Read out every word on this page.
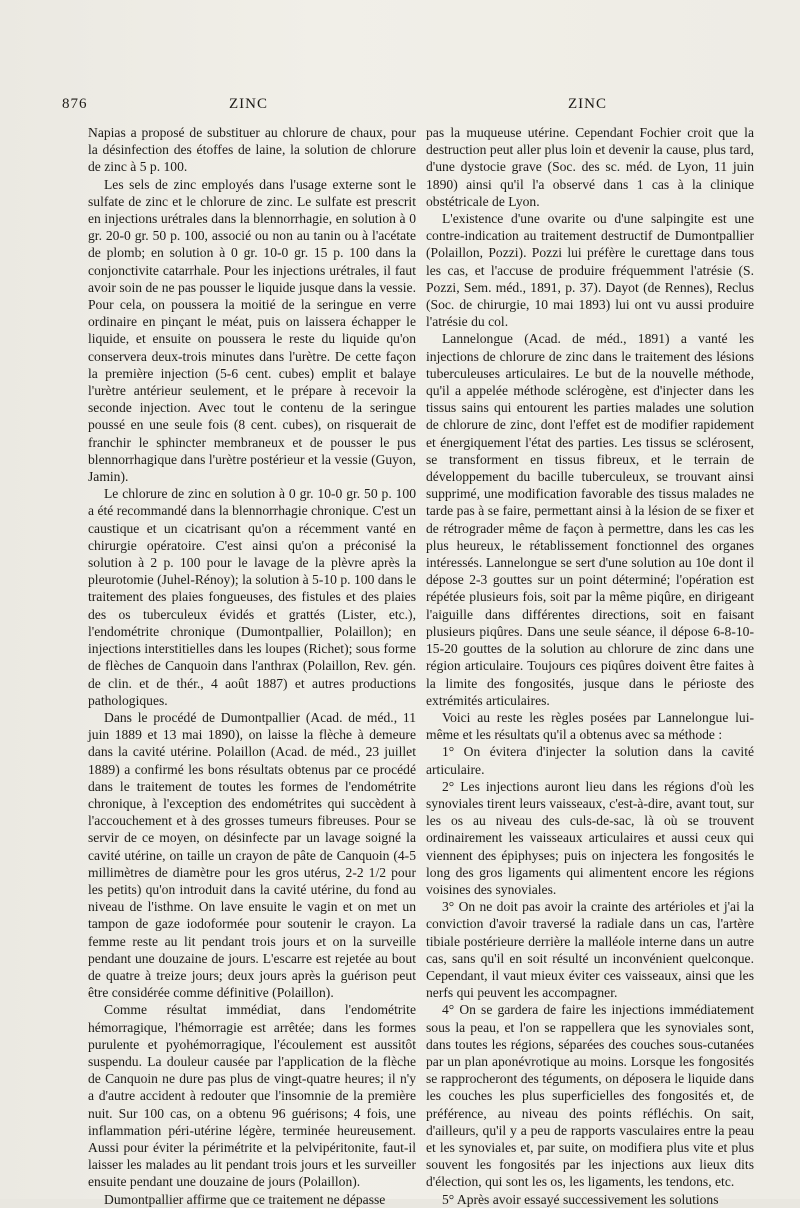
876	ZINC	ZINC

Napias a proposé de substituer au chlorure de chaux, pour la désinfection des étoffes de laine, la solution de chlorure de zinc à 5 p. 100.

Les sels de zinc employés dans l'usage externe sont le sulfate de zinc et le chlorure de zinc. Le sulfate est prescrit en injections urétrales dans la blennorrhagie, en solution à 0 gr. 20-0 gr. 50 p. 100, associé ou non au tanin ou à l'acétate de plomb; en solution à 0 gr. 10-0 gr. 15 p. 100 dans la conjonctivite catarrhale. Pour les injections urétrales, il faut avoir soin de ne pas pousser le liquide jusque dans la vessie. Pour cela, on poussera la moitié de la seringue en verre ordinaire en pinçant le méat, puis on laissera échapper le liquide, et ensuite on poussera le reste du liquide qu'on conservera deux-trois minutes dans l'urètre. De cette façon la première injection (5-6 cent. cubes) emplit et balaye l'urètre antérieur seulement, et le prépare à recevoir la seconde injection. Avec tout le contenu de la seringue poussé en une seule fois (8 cent. cubes), on risquerait de franchir le sphincter membraneux et de pousser le pus blennorrhagique dans l'urètre postérieur et la vessie (Guyon, Jamin).

Le chlorure de zinc en solution à 0 gr. 10-0 gr. 50 p. 100 a été recommandé dans la blennorrhagie chronique. C'est un caustique et un cicatrisant qu'on a récemment vanté en chirurgie opératoire. C'est ainsi qu'on a préconisé la solution à 2 p. 100 pour le lavage de la plèvre après la pleurotomie (Juhel-Rénoy); la solution à 5-10 p. 100 dans le traitement des plaies fongueuses, des fistules et des plaies des os tuberculeux évidés et grattés (Lister, etc.), l'endométrite chronique (Dumontpallier, Polaillon); en injections interstitielles dans les loupes (Richet); sous forme de flèches de Canquoin dans l'anthrax (Polaillon, Rev. gén. de clin. et de thér., 4 août 1887) et autres productions pathologiques.

Dans le procédé de Dumontpallier (Acad. de méd., 11 juin 1889 et 13 mai 1890), on laisse la flèche à demeure dans la cavité utérine. Polaillon (Acad. de méd., 23 juillet 1889) a confirmé les bons résultats obtenus par ce procédé dans le traitement de toutes les formes de l'endométrite chronique, à l'exception des endométrites qui succèdent à l'accouchement et à des grosses tumeurs fibreuses. Pour se servir de ce moyen, on désinfecte par un lavage soigné la cavité utérine, on taille un crayon de pâte de Canquoin (4-5 millimètres de diamètre pour les gros utérus, 2-2 1/2 pour les petits) qu'on introduit dans la cavité utérine, du fond au niveau de l'isthme. On lave ensuite le vagin et on met un tampon de gaze iodoformée pour soutenir le crayon. La femme reste au lit pendant trois jours et on la surveille pendant une douzaine de jours. L'escarre est rejetée au bout de quatre à treize jours; deux jours après la guérison peut être considérée comme définitive (Polaillon).

Comme résultat immédiat, dans l'endométrite hémorragique, l'hémorragie est arrêtée; dans les formes purulente et pyohémorragique, l'écoulement est aussitôt suspendu. La douleur causée par l'application de la flèche de Canquoin ne dure pas plus de vingt-quatre heures; il n'y a d'autre accident à redouter que l'insomnie de la première nuit. Sur 100 cas, on a obtenu 96 guérisons; 4 fois, une inflammation péri-utérine légère, terminée heureusement. Aussi pour éviter la périmétrite et la pelvipéritonite, faut-il laisser les malades au lit pendant trois jours et les surveiller ensuite pendant une douzaine de jours (Polaillon).

Dumontpallier affirme que ce traitement ne dépasse

pas la muqueuse utérine. Cependant Fochier croit que la destruction peut aller plus loin et devenir la cause, plus tard, d'une dystocie grave (Soc. des sc. méd. de Lyon, 11 juin 1890) ainsi qu'il l'a observé dans 1 cas à la clinique obstétricale de Lyon.

L'existence d'une ovarite ou d'une salpingite est une contre-indication au traitement destructif de Dumontpallier (Polaillon, Pozzi). Pozzi lui préfère le curettage dans tous les cas, et l'accuse de produire fréquemment l'atrésie (S. Pozzi, Sem. méd., 1891, p. 37). Dayot (de Rennes), Reclus (Soc. de chirurgie, 10 mai 1893) lui ont vu aussi produire l'atrésie du col.

Lannelongue (Acad. de méd., 1891) a vanté les injections de chlorure de zinc dans le traitement des lésions tuberculeuses articulaires. Le but de la nouvelle méthode, qu'il a appelée méthode sclérogène, est d'injecter dans les tissus sains qui entourent les parties malades une solution de chlorure de zinc, dont l'effet est de modifier rapidement et énergiquement l'état des parties. Les tissus se sclérosent, se transforment en tissus fibreux, et le terrain de développement du bacille tuberculeux, se trouvant ainsi supprimé, une modification favorable des tissus malades ne tarde pas à se faire, permettant ainsi à la lésion de se fixer et de rétrograder même de façon à permettre, dans les cas les plus heureux, le rétablissement fonctionnel des organes intéressés. Lannelongue se sert d'une solution au 10e dont il dépose 2-3 gouttes sur un point déterminé; l'opération est répétée plusieurs fois, soit par la même piqûre, en dirigeant l'aiguille dans différentes directions, soit en faisant plusieurs piqûres. Dans une seule séance, il dépose 6-8-10-15-20 gouttes de la solution au chlorure de zinc dans une région articulaire. Toujours ces piqûres doivent être faites à la limite des fongosités, jusque dans le périoste des extrémités articulaires.

Voici au reste les règles posées par Lannelongue lui-même et les résultats qu'il a obtenus avec sa méthode :

1° On évitera d'injecter la solution dans la cavité articulaire.

2° Les injections auront lieu dans les régions d'où les synoviales tirent leurs vaisseaux, c'est-à-dire, avant tout, sur les os au niveau des culs-de-sac, là où se trouvent ordinairement les vaisseaux articulaires et aussi ceux qui viennent des épiphyses; puis on injectera les fongosités le long des gros ligaments qui alimentent encore les régions voisines des synoviales.

3° On ne doit pas avoir la crainte des artérioles et j'ai la conviction d'avoir traversé la radiale dans un cas, l'artère tibiale postérieure derrière la malléole interne dans un autre cas, sans qu'il en soit résulté un inconvénient quelconque. Cependant, il vaut mieux éviter ces vaisseaux, ainsi que les nerfs qui peuvent les accompagner.

4° On se gardera de faire les injections immédiatement sous la peau, et l'on se rappellera que les synoviales sont, dans toutes les régions, séparées des couches sous-cutanées par un plan aponévrotique au moins. Lorsque les fongosités se rapprocheront des téguments, on déposera le liquide dans les couches les plus superficielles des fongosités et, de préférence, au niveau des points réfléchis. On sait, d'ailleurs, qu'il y a peu de rapports vasculaires entre la peau et les synoviales et, par suite, on modifiera plus vite et plus souvent les fongosités par les injections aux lieux dits d'élection, qui sont les os, les ligaments, les tendons, etc.

5° Après avoir essayé successivement les solutions
